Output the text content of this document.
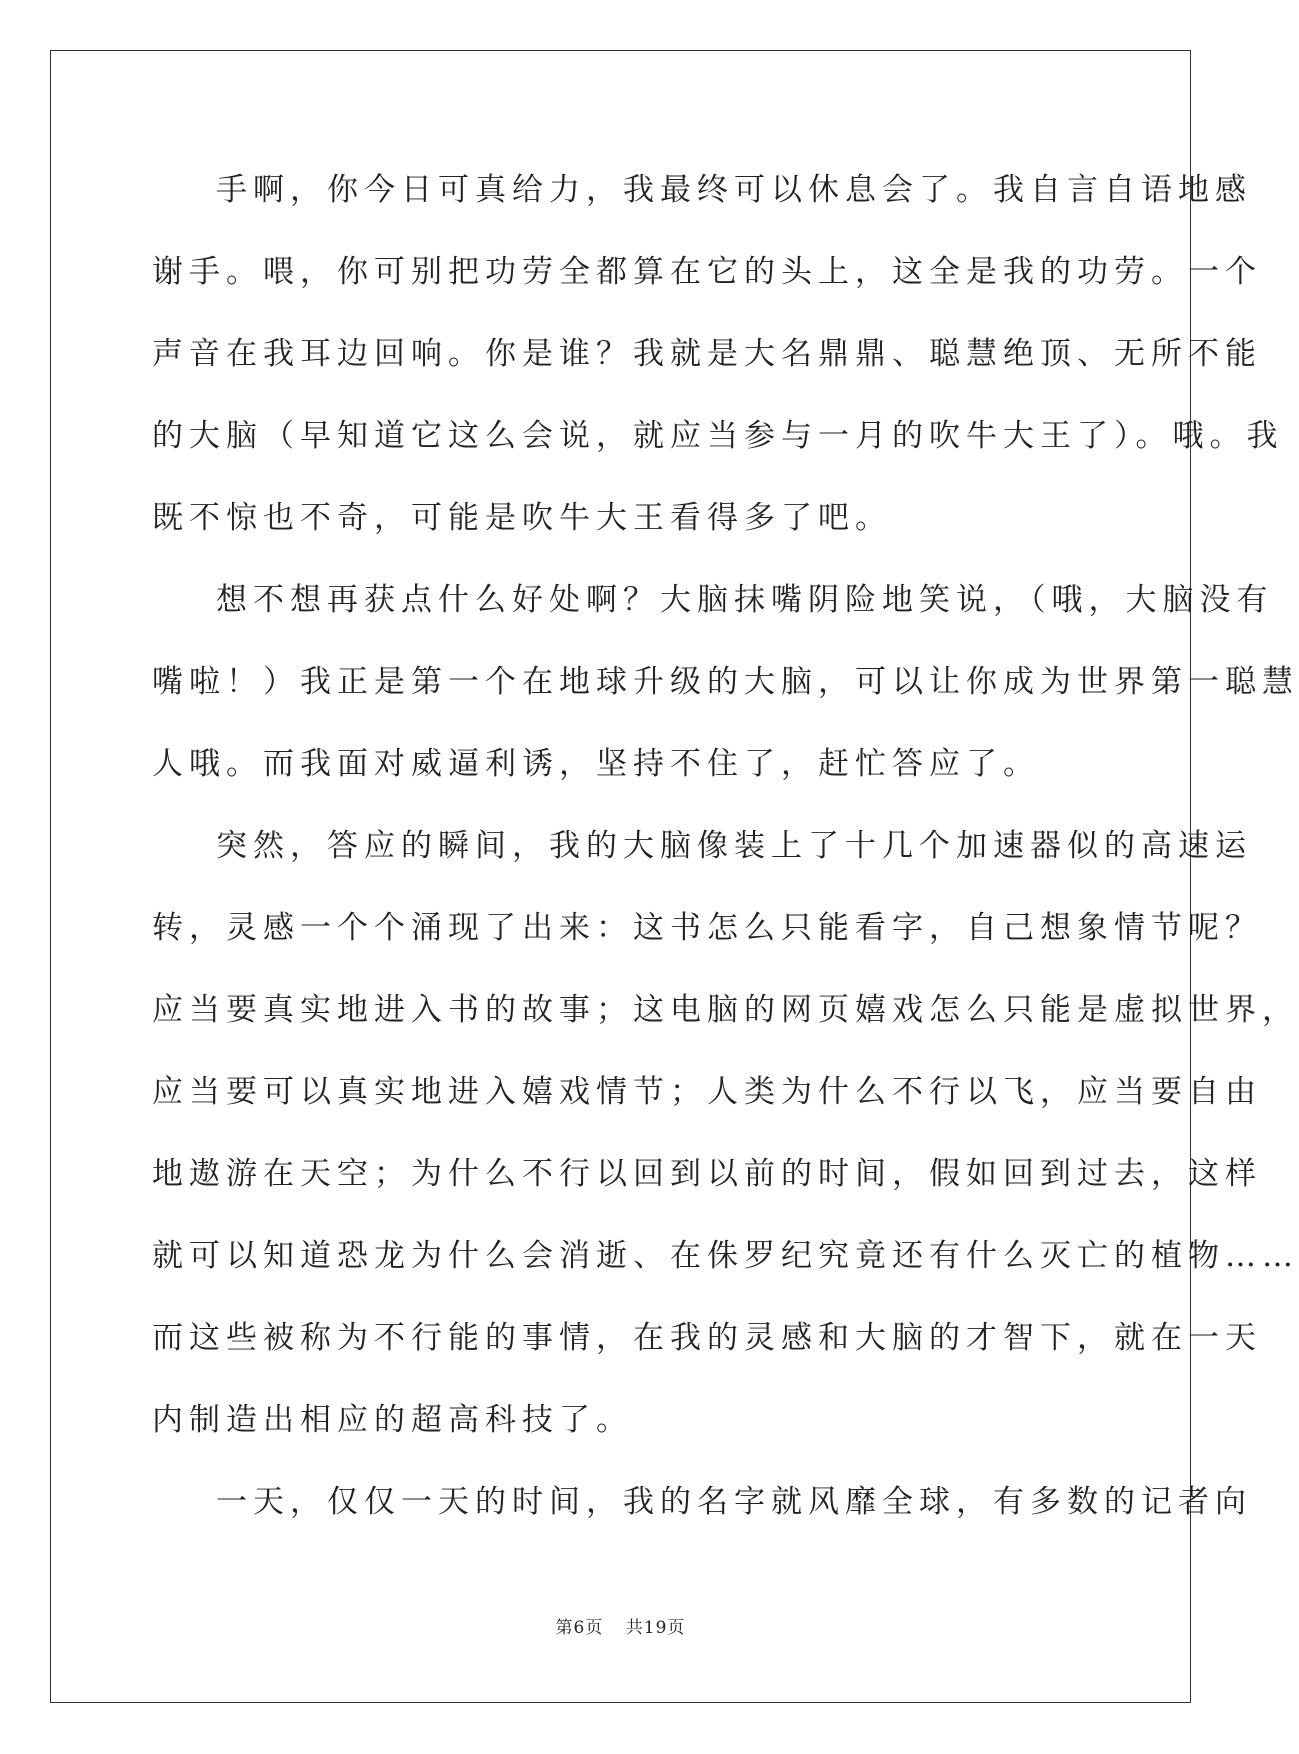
手啊，你今日可真给力，我最终可以休息会了。我自言自语地感
谢手。喂，你可别把功劳全都算在它的头上，这全是我的功劳。一个
声音在我耳边回响。你是谁？我就是大名鼎鼎、聪慧绝顶、无所不能
的大脑（早知道它这么会说，就应当参与一月的吹牛大王了）。哦。我
既不惊也不奇，可能是吹牛大王看得多了吧。
想不想再获点什么好处啊？大脑抹嘴阴险地笑说，（哦，大脑没有
嘴啦！）我正是第一个在地球升级的大脑，可以让你成为世界第一聪慧
人哦。而我面对威逼利诱，坚持不住了，赶忙答应了。
突然，答应的瞬间，我的大脑像装上了十几个加速器似的高速运
转，灵感一个个涌现了出来：这书怎么只能看字，自己想象情节呢？
应当要真实地进入书的故事；这电脑的网页嬉戏怎么只能是虚拟世界，
应当要可以真实地进入嬉戏情节；人类为什么不行以飞，应当要自由
地遨游在天空；为什么不行以回到以前的时间，假如回到过去，这样
就可以知道恐龙为什么会消逝、在侏罗纪究竟还有什么灭亡的植物……
而这些被称为不行能的事情，在我的灵感和大脑的才智下，就在一天
内制造出相应的超高科技了。
一天，仅仅一天的时间，我的名字就风靡全球，有多数的记者向
第6页 共19页
